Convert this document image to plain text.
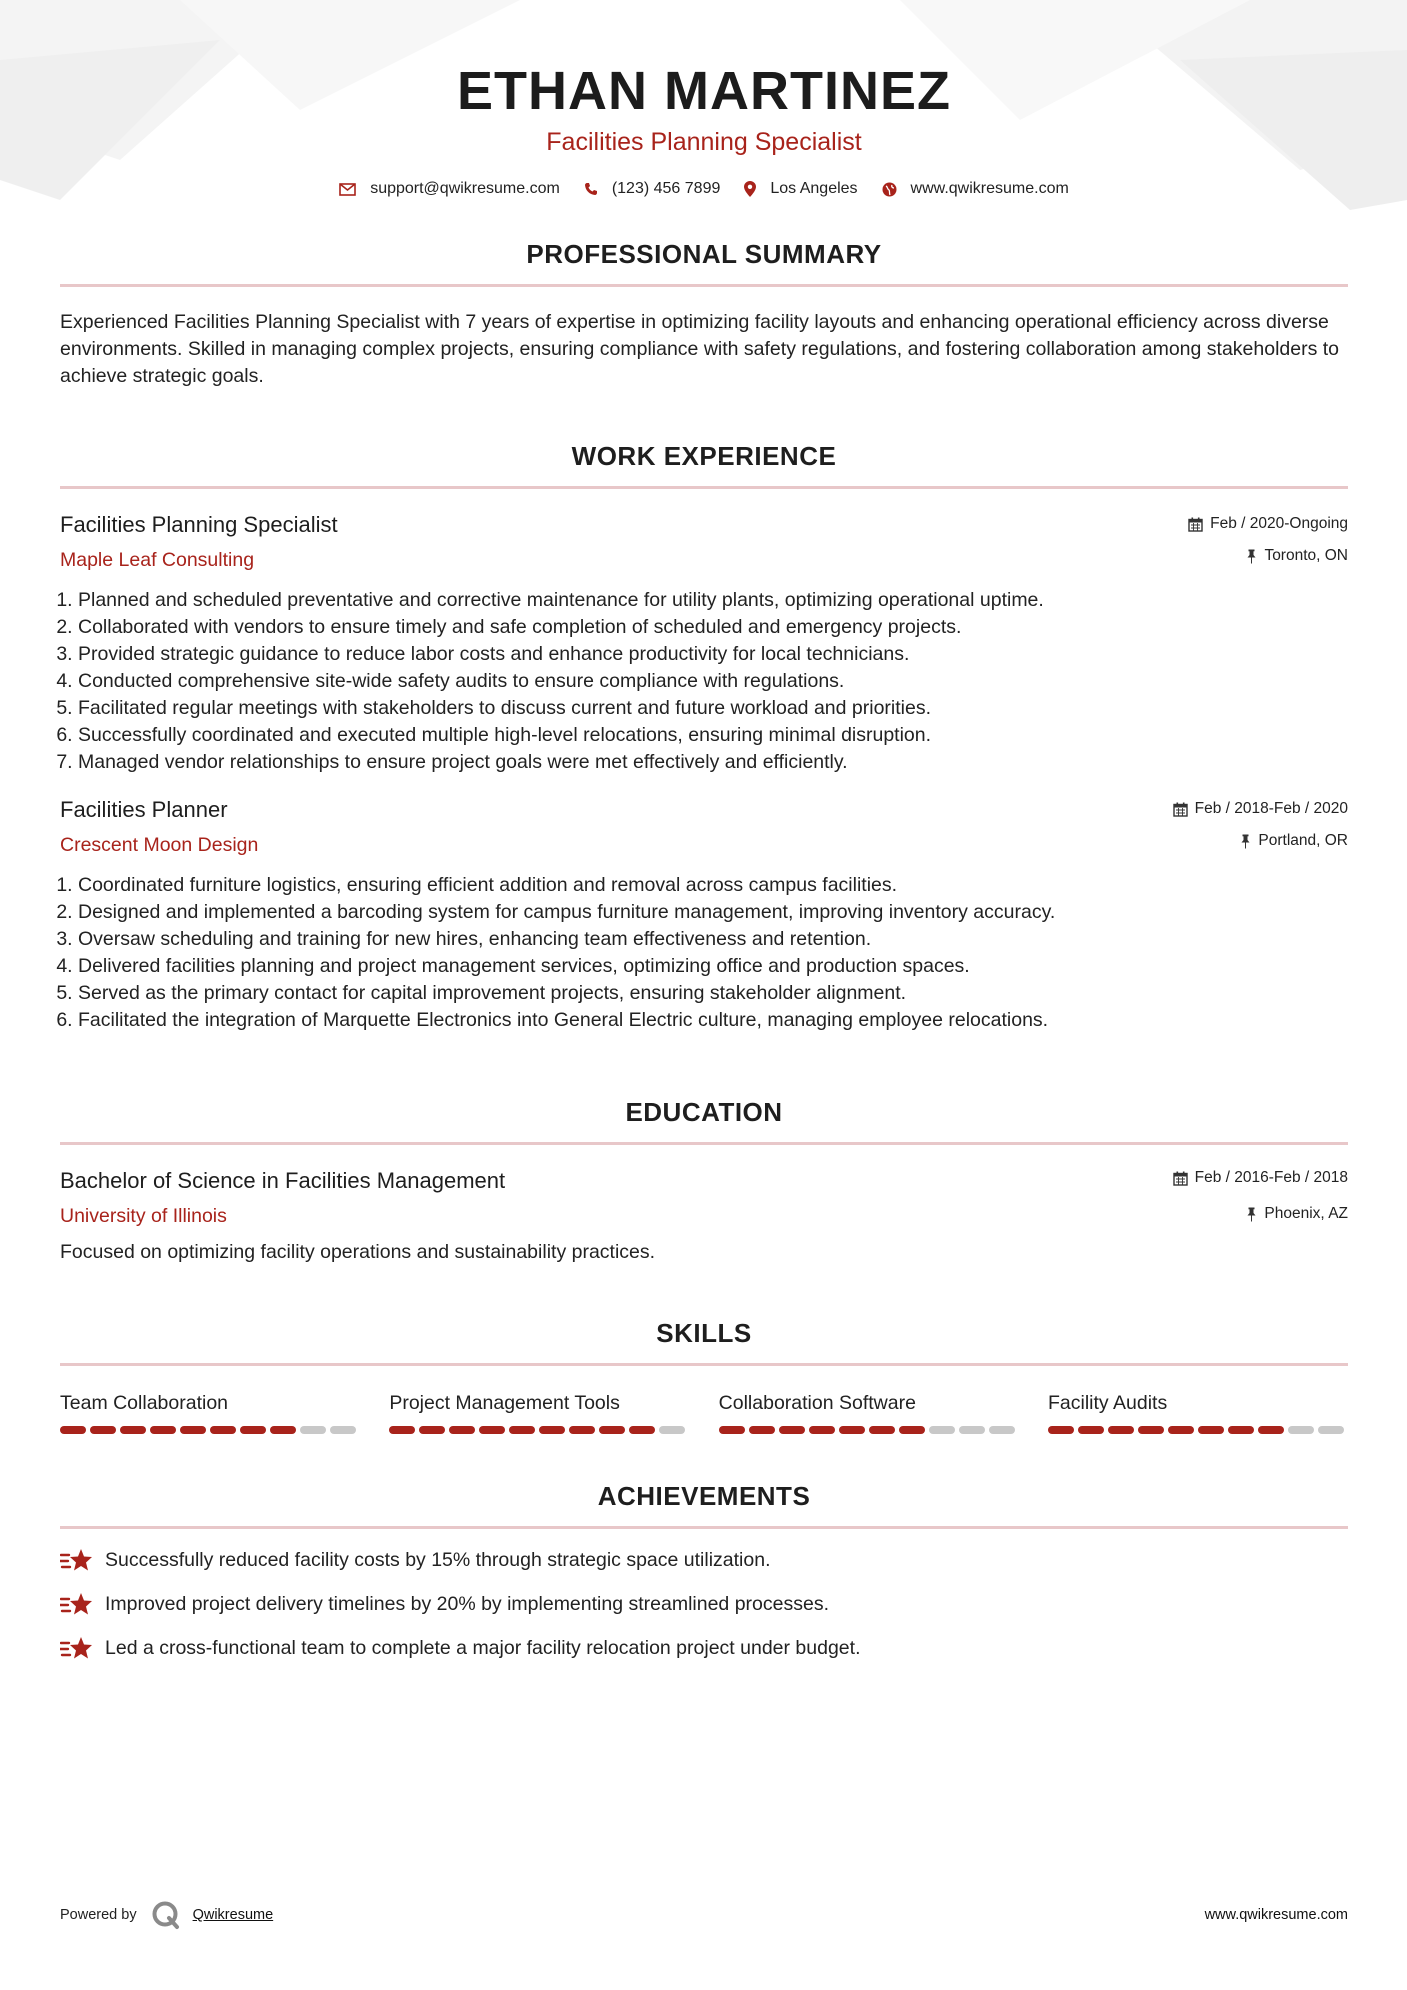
ETHAN MARTINEZ
Facilities Planning Specialist
support@qwikresume.com	(123) 456 7899	Los Angeles	www.qwikresume.com
PROFESSIONAL SUMMARY
Experienced Facilities Planning Specialist with 7 years of expertise in optimizing facility layouts and enhancing operational efficiency across diverse environments. Skilled in managing complex projects, ensuring compliance with safety regulations, and fostering collaboration among stakeholders to achieve strategic goals.
WORK EXPERIENCE
Feb / 2020-Ongoing
Toronto, ON
Facilities Planning Specialist
Maple Leaf Consulting
1. Planned and scheduled preventative and corrective maintenance for utility plants, optimizing operational uptime.
2. Collaborated with vendors to ensure timely and safe completion of scheduled and emergency projects.
3. Provided strategic guidance to reduce labor costs and enhance productivity for local technicians.
4. Conducted comprehensive site-wide safety audits to ensure compliance with regulations.
5. Facilitated regular meetings with stakeholders to discuss current and future workload and priorities.
6. Successfully coordinated and executed multiple high-level relocations, ensuring minimal disruption.
7. Managed vendor relationships to ensure project goals were met effectively and efficiently.
Feb / 2018-Feb / 2020
Portland, OR
Facilities Planner
Crescent Moon Design
1. Coordinated furniture logistics, ensuring efficient addition and removal across campus facilities.
2. Designed and implemented a barcoding system for campus furniture management, improving inventory accuracy.
3. Oversaw scheduling and training for new hires, enhancing team effectiveness and retention.
4. Delivered facilities planning and project management services, optimizing office and production spaces.
5. Served as the primary contact for capital improvement projects, ensuring stakeholder alignment.
6. Facilitated the integration of Marquette Electronics into General Electric culture, managing employee relocations.
EDUCATION
Feb / 2016-Feb / 2018
Phoenix, AZ
Bachelor of Science in Facilities Management
University of Illinois
Focused on optimizing facility operations and sustainability practices.
SKILLS
Team Collaboration	Project Management Tools	Collaboration Software	Facility Audits
ACHIEVEMENTS
Successfully reduced facility costs by 15% through strategic space utilization.
Improved project delivery timelines by 20% by implementing streamlined processes.
Led a cross-functional team to complete a major facility relocation project under budget.
Powered by	Qwikresume	www.qwikresume.com
